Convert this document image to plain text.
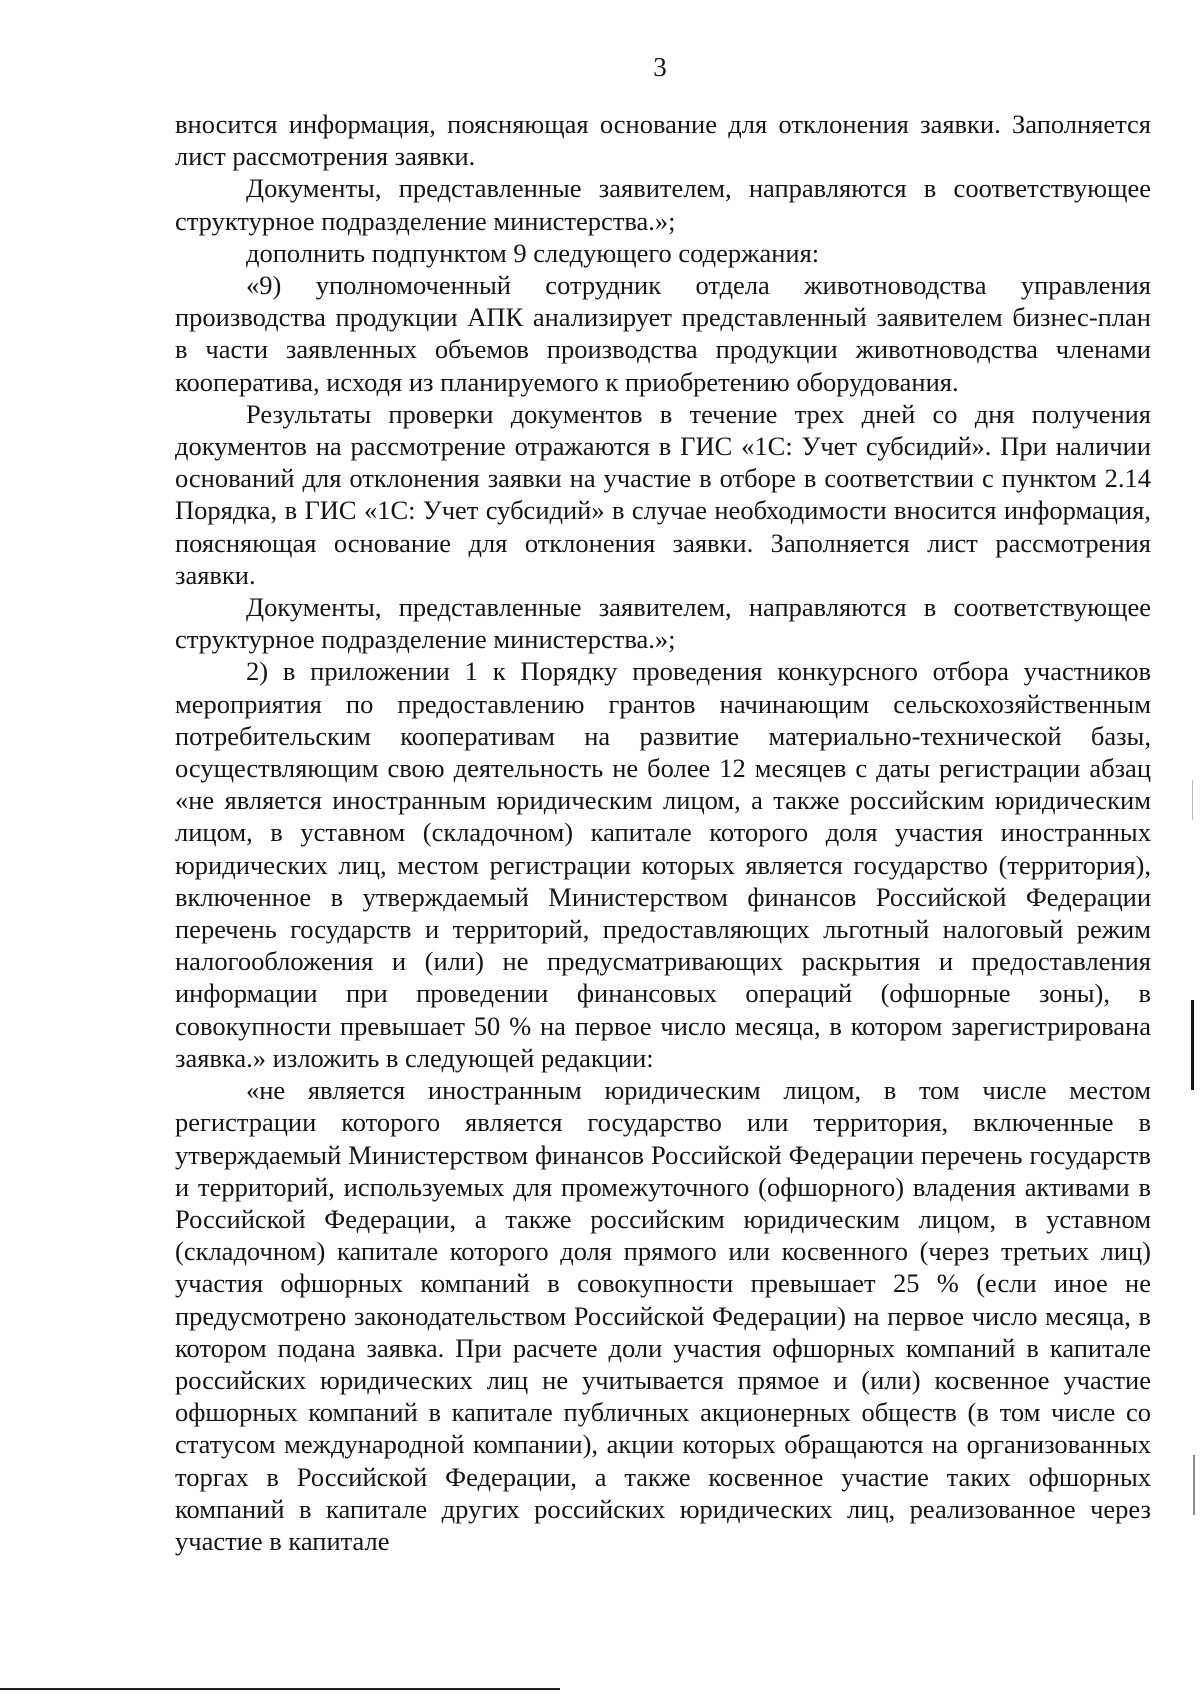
3

вносится информация, поясняющая основание для отклонения заявки. Заполняется лист рассмотрения заявки.

Документы, представленные заявителем, направляются в соответствующее структурное подразделение министерства.»;

дополнить подпунктом 9 следующего содержания:

«9) уполномоченный сотрудник отдела животноводства управления производства продукции АПК анализирует представленный заявителем бизнес-план в части заявленных объемов производства продукции животноводства членами кооператива, исходя из планируемого к приобретению оборудования.

Результаты проверки документов в течение трех дней со дня получения документов на рассмотрение отражаются в ГИС «1С: Учет субсидий». При наличии оснований для отклонения заявки на участие в отборе в соответствии с пунктом 2.14 Порядка, в ГИС «1С: Учет субсидий» в случае необходимости вносится информация, поясняющая основание для отклонения заявки. Заполняется лист рассмотрения заявки.

Документы, представленные заявителем, направляются в соответствующее структурное подразделение министерства.»;

2) в приложении 1 к Порядку проведения конкурсного отбора участников мероприятия по предоставлению грантов начинающим сельскохозяйственным потребительским кооперативам на развитие материально-технической базы, осуществляющим свою деятельность не более 12 месяцев с даты регистрации абзац «не является иностранным юридическим лицом, а также российским юридическим лицом, в уставном (складочном) капитале которого доля участия иностранных юридических лиц, местом регистрации которых является государство (территория), включенное в утверждаемый Министерством финансов Российской Федерации перечень государств и территорий, предоставляющих льготный налоговый режим налогообложения и (или) не предусматривающих раскрытия и предоставления информации при проведении финансовых операций (офшорные зоны), в совокупности превышает 50 % на первое число месяца, в котором зарегистрирована заявка.» изложить в следующей редакции:

«не является иностранным юридическим лицом, в том числе местом регистрации которого является государство или территория, включенные в утверждаемый Министерством финансов Российской Федерации перечень государств и территорий, используемых для промежуточного (офшорного) владения активами в Российской Федерации, а также российским юридическим лицом, в уставном (складочном) капитале которого доля прямого или косвенного (через третьих лиц) участия офшорных компаний в совокупности превышает 25 % (если иное не предусмотрено законодательством Российской Федерации) на первое число месяца, в котором подана заявка. При расчете доли участия офшорных компаний в капитале российских юридических лиц не учитывается прямое и (или) косвенное участие офшорных компаний в капитале публичных акционерных обществ (в том числе со статусом международной компании), акции которых обращаются на организованных торгах в Российской Федерации, а также косвенное участие таких офшорных компаний в капитале других российских юридических лиц, реализованное через участие в капитале
